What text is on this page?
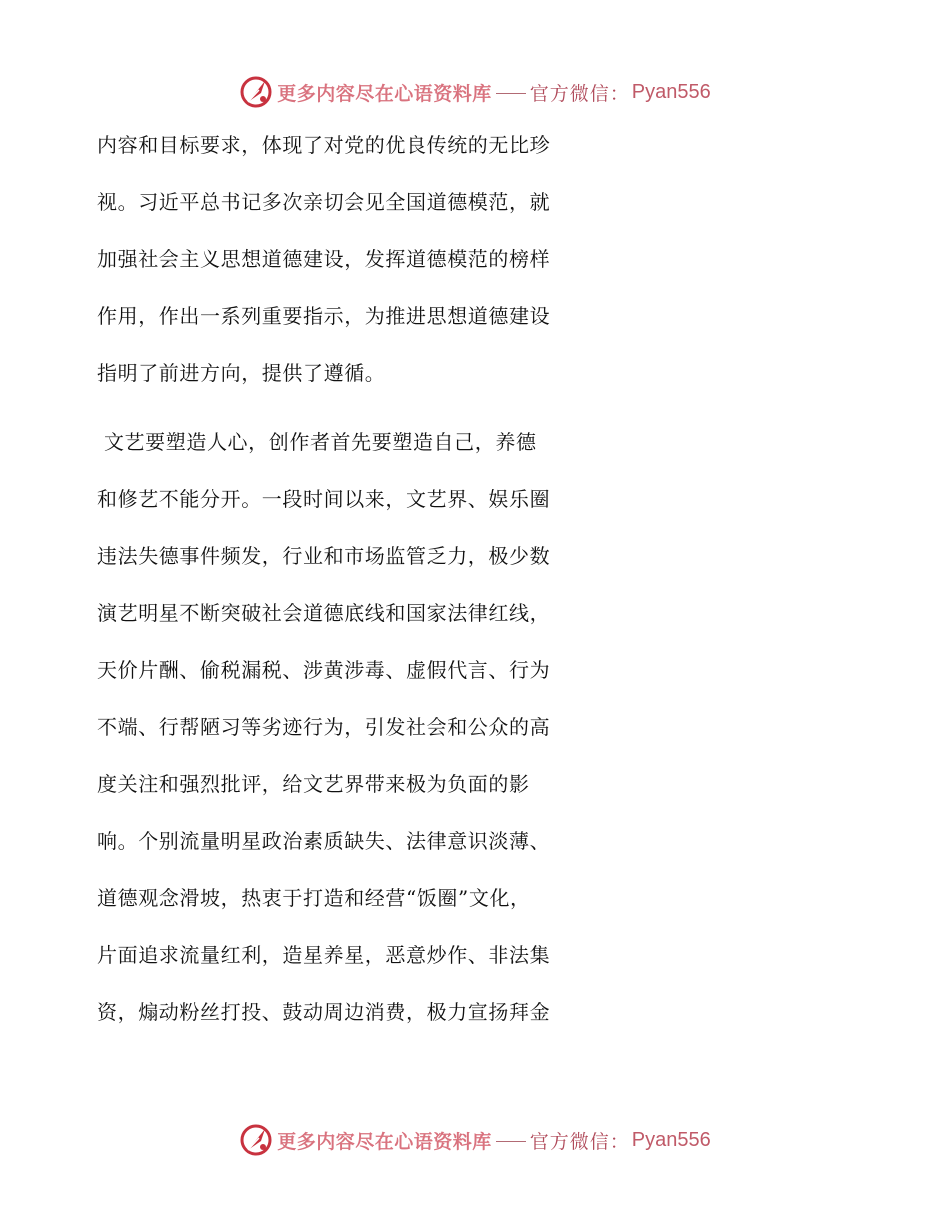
更多内容尽在心语资料库 官方微信： Pyan556
内容和目标要求，体现了对党的优良传统的无比珍
视。习近平总书记多次亲切会见全国道德模范，就
加强社会主义思想道德建设，发挥道德模范的榜样
作用，作出一系列重要指示，为推进思想道德建设
指明了前进方向，提供了遵循。
文艺要塑造人心，创作者首先要塑造自己，养德
和修艺不能分开。一段时间以来，文艺界、娱乐圈
违法失德事件频发，行业和市场监管乏力，极少数
演艺明星不断突破社会道德底线和国家法律红线，
天价片酬、偷税漏税、涉黄涉毒、虚假代言、行为
不端、行帮陋习等劣迹行为，引发社会和公众的高
度关注和强烈批评，给文艺界带来极为负面的影
响。个别流量明星政治素质缺失、法律意识淡薄、
道德观念滑坡，热衷于打造和经营“饭圈”文化，
片面追求流量红利，造星养星，恶意炒作、非法集
资，煽动粉丝打投、鼓动周边消费，极力宣扬拜金
更多内容尽在心语资料库 官方微信： Pyan556
